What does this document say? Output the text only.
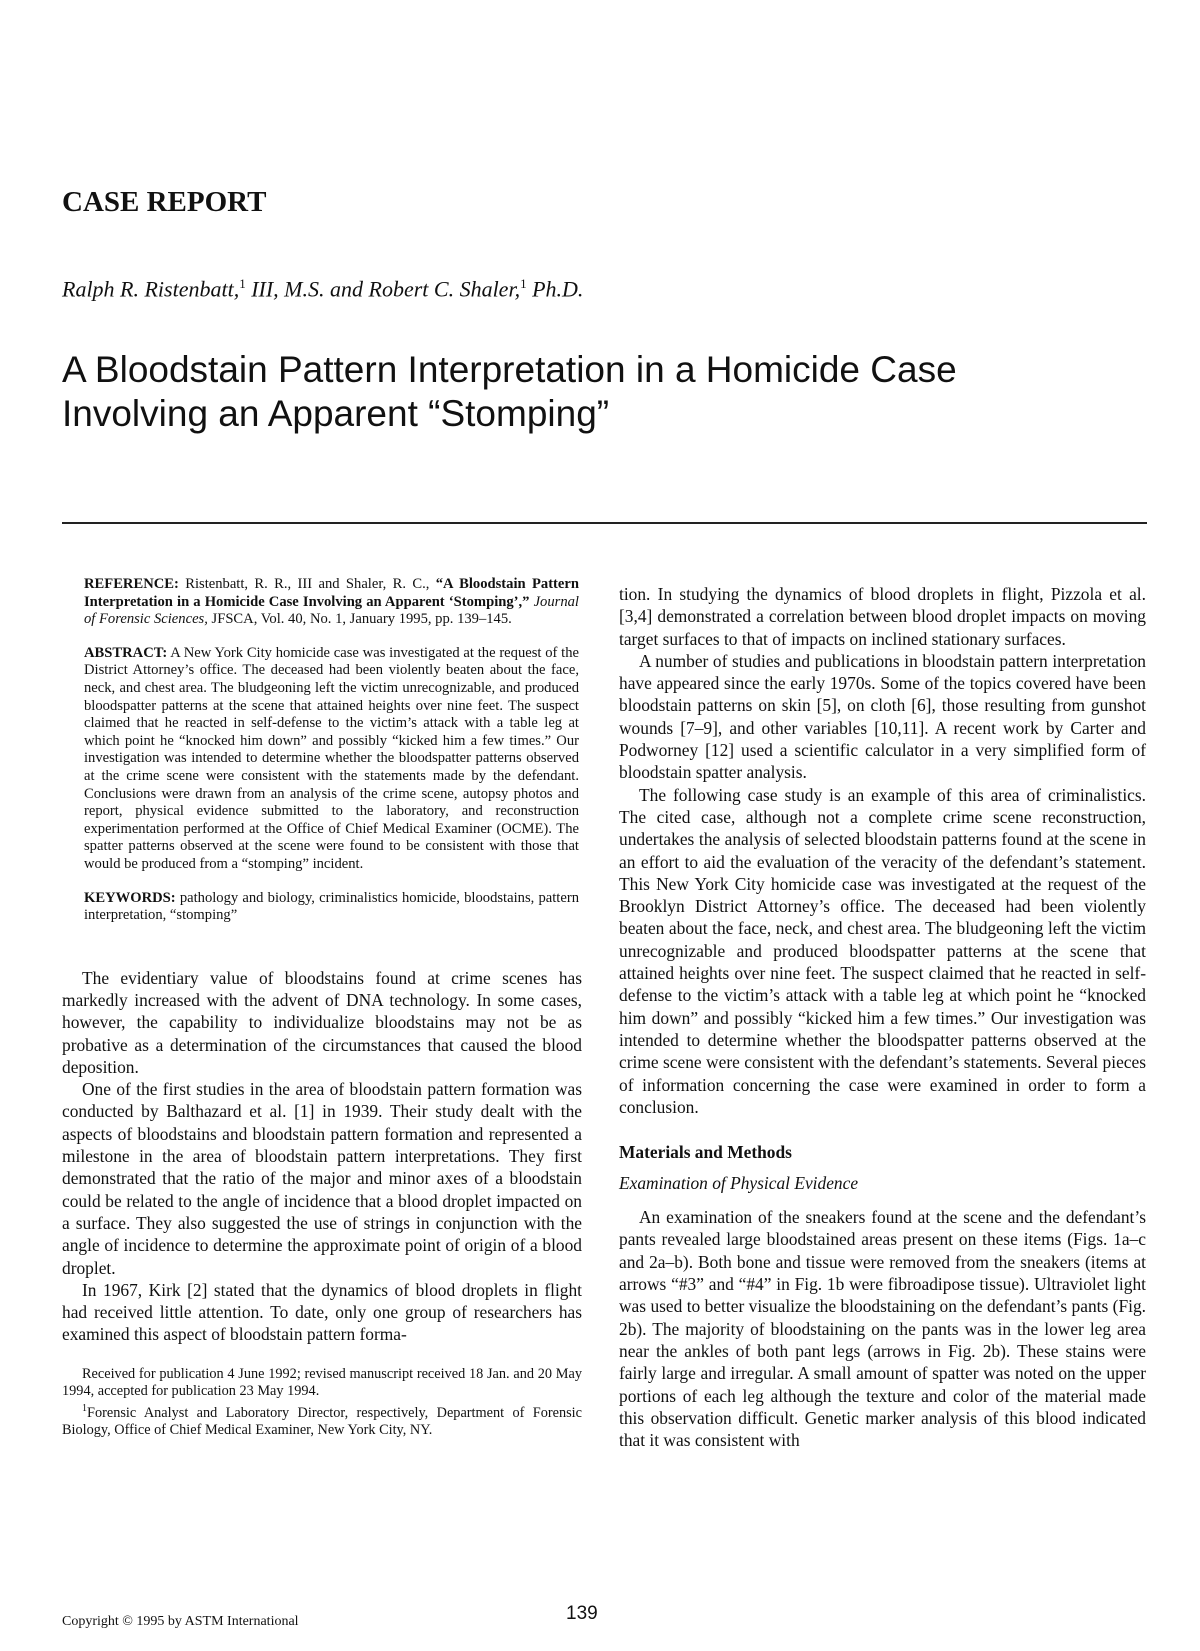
CASE REPORT

Ralph R. Ristenbatt,$^1$ III, M.S. and Robert C. Shaler,$^1$ Ph.D.

A Bloodstain Pattern Interpretation in a Homicide Case
Involving an Apparent “Stomping”

REFERENCE: Ristenbatt, R. R., III and Shaler, R. C., “A Bloodstain Pattern Interpretation in a Homicide Case Involving an Apparent ‘Stomping’,” Journal of Forensic Sciences, JFSCA, Vol. 40, No. 1, January 1995, pp. 139–145.

ABSTRACT: A New York City homicide case was investigated at the request of the District Attorney’s office. The deceased had been violently beaten about the face, neck, and chest area. The bludgeoning left the victim unrecognizable, and produced bloodspatter patterns at the scene that attained heights over nine feet. The suspect claimed that he reacted in self-defense to the victim’s attack with a table leg at which point he “knocked him down” and possibly “kicked him a few times.” Our investigation was intended to determine whether the bloodspatter patterns observed at the crime scene were consistent with the statements made by the defendant. Conclusions were drawn from an analysis of the crime scene, autopsy photos and report, physical evidence submitted to the laboratory, and reconstruction experimentation performed at the Office of Chief Medical Examiner (OCME). The spatter patterns observed at the scene were found to be consistent with those that would be produced from a “stomping” incident.

KEYWORDS: pathology and biology, criminalistics homicide, bloodstains, pattern interpretation, “stomping”

The evidentiary value of bloodstains found at crime scenes has markedly increased with the advent of DNA technology. In some cases, however, the capability to individualize bloodstains may not be as probative as a determination of the circumstances that caused the blood deposition.

One of the first studies in the area of bloodstain pattern formation was conducted by Balthazard et al. [1] in 1939. Their study dealt with the aspects of bloodstains and bloodstain pattern formation and represented a milestone in the area of bloodstain pattern interpretations. They first demonstrated that the ratio of the major and minor axes of a bloodstain could be related to the angle of incidence that a blood droplet impacted on a surface. They also suggested the use of strings in conjunction with the angle of incidence to determine the approximate point of origin of a blood droplet.

In 1967, Kirk [2] stated that the dynamics of blood droplets in flight had received little attention. To date, only one group of researchers has examined this aspect of bloodstain pattern forma-

Received for publication 4 June 1992; revised manuscript received 18 Jan. and 20 May 1994, accepted for publication 23 May 1994.

$^1$Forensic Analyst and Laboratory Director, respectively, Department of Forensic Biology, Office of Chief Medical Examiner, New York City, NY.

tion. In studying the dynamics of blood droplets in flight, Pizzola et al. [3,4] demonstrated a correlation between blood droplet impacts on moving target surfaces to that of impacts on inclined stationary surfaces.

A number of studies and publications in bloodstain pattern interpretation have appeared since the early 1970s. Some of the topics covered have been bloodstain patterns on skin [5], on cloth [6], those resulting from gunshot wounds [7–9], and other variables [10,11]. A recent work by Carter and Podworney [12] used a scientific calculator in a very simplified form of bloodstain spatter analysis.

The following case study is an example of this area of criminalistics. The cited case, although not a complete crime scene reconstruction, undertakes the analysis of selected bloodstain patterns found at the scene in an effort to aid the evaluation of the veracity of the defendant’s statement. This New York City homicide case was investigated at the request of the Brooklyn District Attorney’s office. The deceased had been violently beaten about the face, neck, and chest area. The bludgeoning left the victim unrecognizable and produced bloodspatter patterns at the scene that attained heights over nine feet. The suspect claimed that he reacted in self-defense to the victim’s attack with a table leg at which point he “knocked him down” and possibly “kicked him a few times.” Our investigation was intended to determine whether the bloodspatter patterns observed at the crime scene were consistent with the defendant’s statements. Several pieces of information concerning the case were examined in order to form a conclusion.

Materials and Methods
Examination of Physical Evidence

An examination of the sneakers found at the scene and the defendant’s pants revealed large bloodstained areas present on these items (Figs. 1a–c and 2a–b). Both bone and tissue were removed from the sneakers (items at arrows “#3” and “#4” in Fig. 1b were fibroadipose tissue). Ultraviolet light was used to better visualize the bloodstaining on the defendant’s pants (Fig. 2b). The majority of bloodstaining on the pants was in the lower leg area near the ankles of both pant legs (arrows in Fig. 2b). These stains were fairly large and irregular. A small amount of spatter was noted on the upper portions of each leg although the texture and color of the material made this observation difficult. Genetic marker analysis of this blood indicated that it was consistent with

Copyright © 1995 by ASTM International	139
